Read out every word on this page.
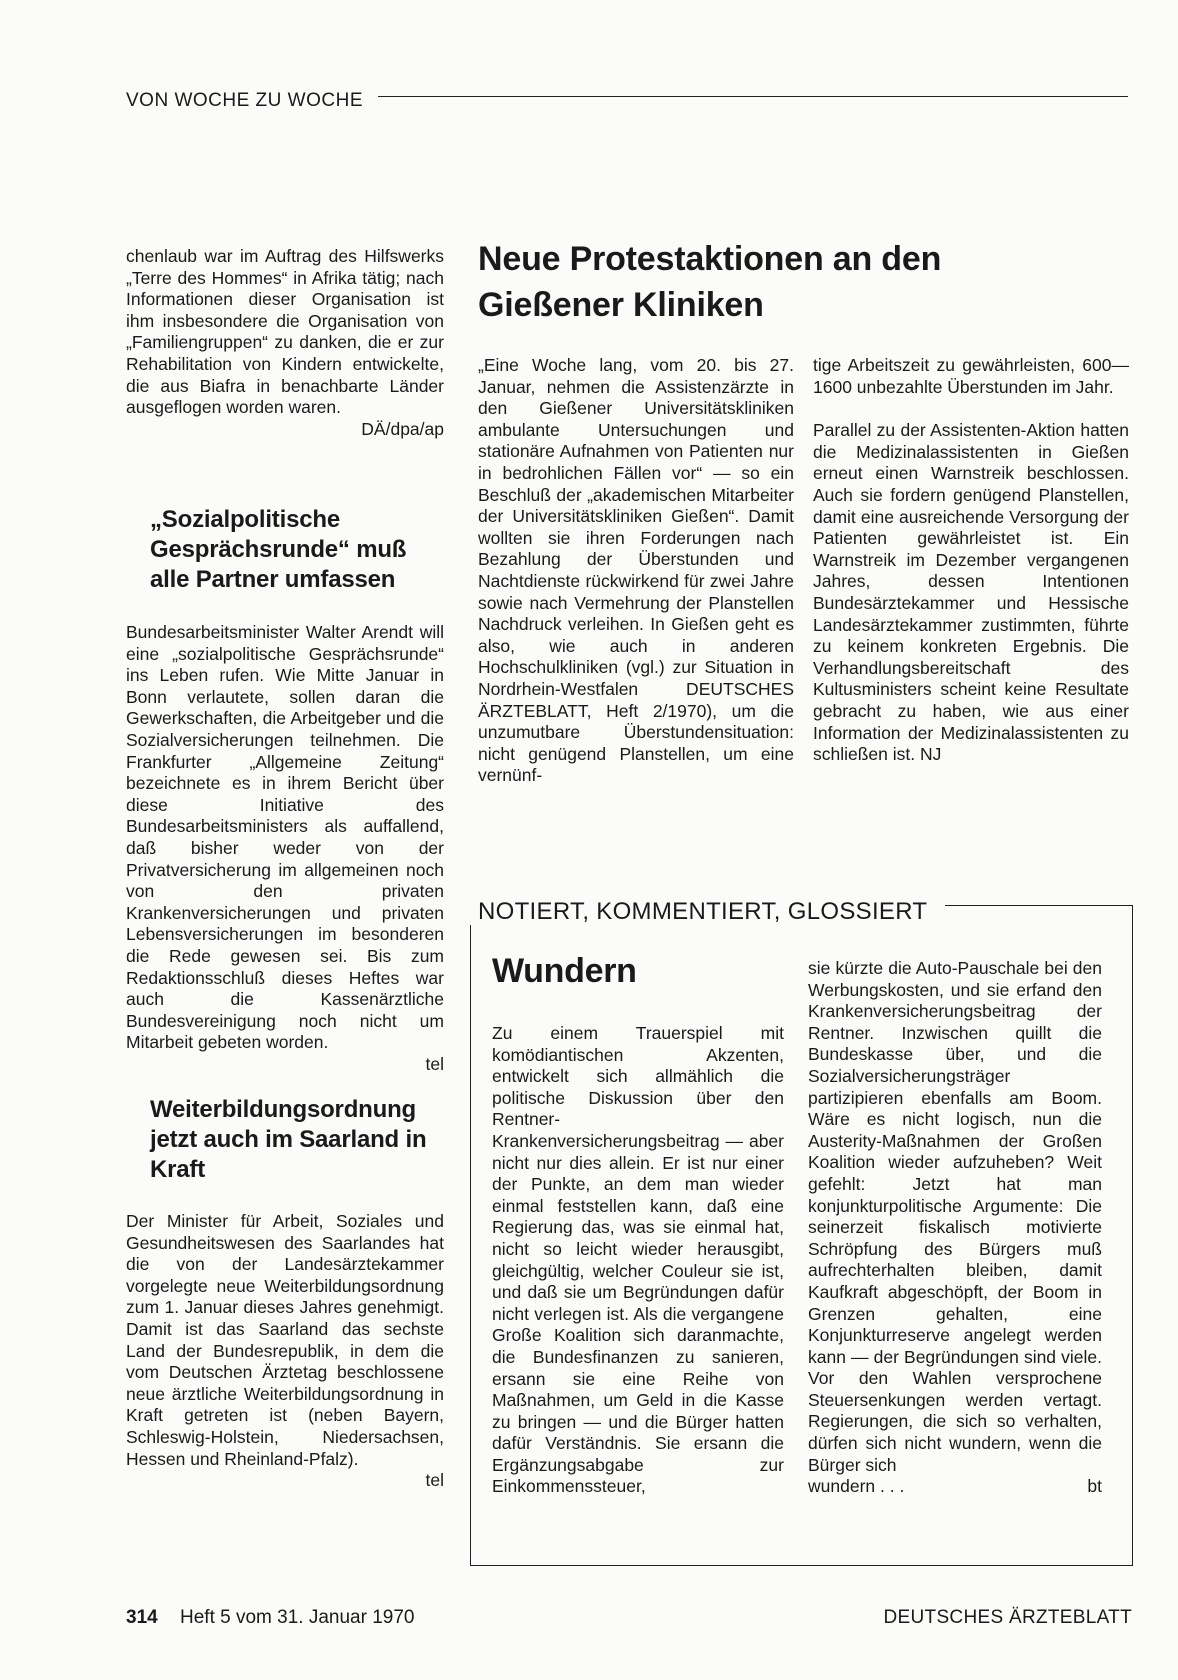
VON WOCHE ZU WOCHE

chenlaub war im Auftrag des Hilfswerks „Terre des Hommes“ in Afrika tätig; nach Informationen dieser Organisation ist ihm insbesondere die Organisation von „Familiengruppen“ zu danken, die er zur Rehabilitation von Kindern entwickelte, die aus Biafra in benachbarte Länder ausgeflogen worden waren.
DÄ/dpa/ap

„Sozialpolitische Gesprächsrunde“ muß alle Partner umfassen

Bundesarbeitsminister Walter Arendt will eine „sozialpolitische Gesprächsrunde“ ins Leben rufen. Wie Mitte Januar in Bonn verlautete, sollen daran die Gewerkschaften, die Arbeitgeber und die Sozialversicherungen teilnehmen. Die Frankfurter „Allgemeine Zeitung“ bezeichnete es in ihrem Bericht über diese Initiative des Bundesarbeitsministers als auffallend, daß bisher weder von der Privatversicherung im allgemeinen noch von den privaten Krankenversicherungen und privaten Lebensversicherungen im besonderen die Rede gewesen sei. Bis zum Redaktionsschluß dieses Heftes war auch die Kassenärztliche Bundesvereinigung noch nicht um Mitarbeit gebeten worden.
tel

Weiterbildungsordnung jetzt auch im Saarland in Kraft

Der Minister für Arbeit, Soziales und Gesundheitswesen des Saarlandes hat die von der Landesärztekammer vorgelegte neue Weiterbildungsordnung zum 1. Januar dieses Jahres genehmigt. Damit ist das Saarland das sechste Land der Bundesrepublik, in dem die vom Deutschen Ärztetag beschlossene neue ärztliche Weiterbildungsordnung in Kraft getreten ist (neben Bayern, Schleswig-Holstein, Niedersachsen, Hessen und Rheinland-Pfalz).
tel

Neue Protestaktionen an den Gießener Kliniken

„Eine Woche lang, vom 20. bis 27. Januar, nehmen die Assistenzärzte in den Gießener Universitätskliniken ambulante Untersuchungen und stationäre Aufnahmen von Patienten nur in bedrohlichen Fällen vor“ — so ein Beschluß der „akademischen Mitarbeiter der Universitätskliniken Gießen“. Damit wollten sie ihren Forderungen nach Bezahlung der Überstunden und Nachtdienste rückwirkend für zwei Jahre sowie nach Vermehrung der Planstellen Nachdruck verleihen. In Gießen geht es also, wie auch in anderen Hochschulkliniken (vgl.) zur Situation in Nordrhein-Westfalen DEUTSCHES ÄRZTEBLATT, Heft 2/1970), um die unzumutbare Überstundensituation: nicht genügend Planstellen, um eine vernünf-

tige Arbeitszeit zu gewährleisten, 600—1600 unbezahlte Überstunden im Jahr.

Parallel zu der Assistenten-Aktion hatten die Medizinalassistenten in Gießen erneut einen Warnstreik beschlossen. Auch sie fordern genügend Planstellen, damit eine ausreichende Versorgung der Patienten gewährleistet ist. Ein Warnstreik im Dezember vergangenen Jahres, dessen Intentionen Bundesärztekammer und Hessische Landesärztekammer zustimmten, führte zu keinem konkreten Ergebnis. Die Verhandlungsbereitschaft des Kultusministers scheint keine Resultate gebracht zu haben, wie aus einer Information der Medizinalassistenten zu schließen ist. NJ

NOTIERT, KOMMENTIERT, GLOSSIERT
Wundern

Zu einem Trauerspiel mit komödiantischen Akzenten, entwickelt sich allmählich die politische Diskussion über den Rentner-Krankenversicherungsbeitrag — aber nicht nur dies allein. Er ist nur einer der Punkte, an dem man wieder einmal feststellen kann, daß eine Regierung das, was sie einmal hat, nicht so leicht wieder herausgibt, gleichgültig, welcher Couleur sie ist, und daß sie um Begründungen dafür nicht verlegen ist. Als die vergangene Große Koalition sich daranmachte, die Bundesfinanzen zu sanieren, ersann sie eine Reihe von Maßnahmen, um Geld in die Kasse zu bringen — und die Bürger hatten dafür Verständnis. Sie ersann die Ergänzungsabgabe zur Einkommenssteuer,

sie kürzte die Auto-Pauschale bei den Werbungskosten, und sie erfand den Krankenversicherungsbeitrag der Rentner. Inzwischen quillt die Bundeskasse über, und die Sozialversicherungsträger partizipieren ebenfalls am Boom. Wäre es nicht logisch, nun die Austerity-Maßnahmen der Großen Koalition wieder aufzuheben? Weit gefehlt: Jetzt hat man konjunkturpolitische Argumente: Die seinerzeit fiskalisch motivierte Schröpfung des Bürgers muß aufrechterhalten bleiben, damit Kaufkraft abgeschöpft, der Boom in Grenzen gehalten, eine Konjunkturreserve angelegt werden kann — der Begründungen sind viele. Vor den Wahlen versprochene Steuersenkungen werden vertagt. Regierungen, die sich so verhalten, dürfen sich nicht wundern, wenn die Bürger sich

wundern . . .	bt

314 Heft 5 vom 31. Januar 1970	DEUTSCHES ÄRZTEBLATT
